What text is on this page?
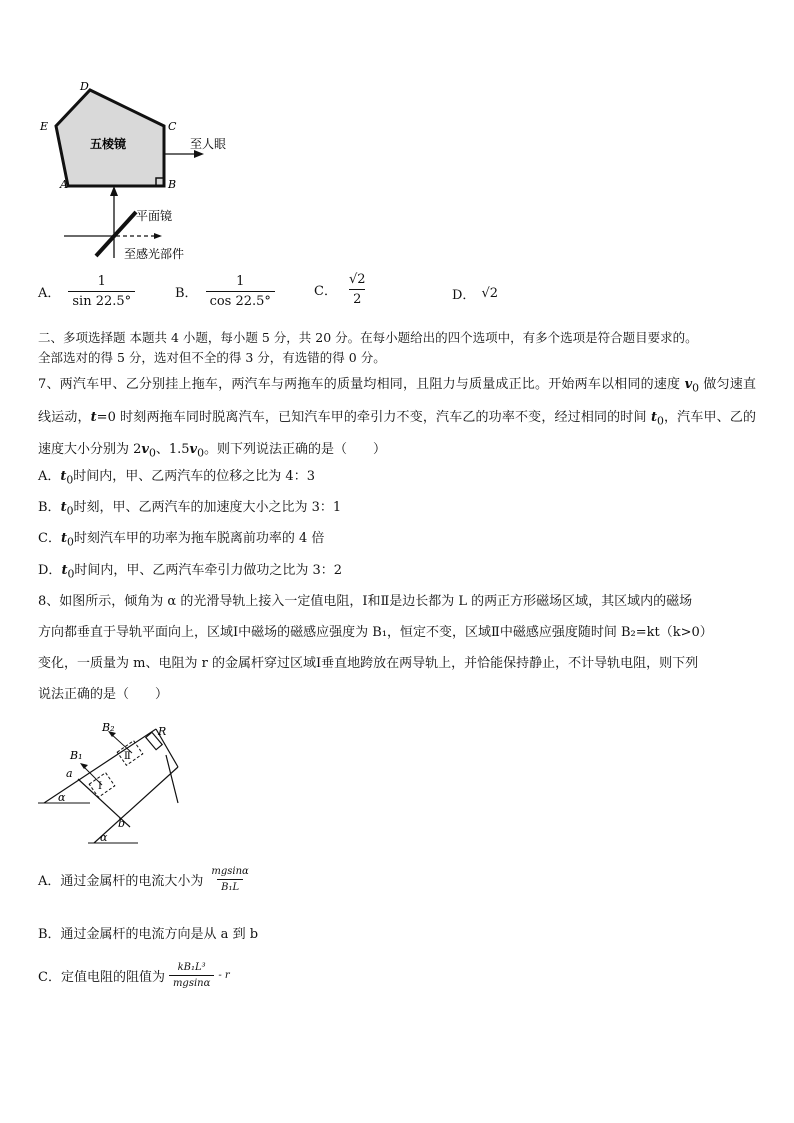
五棱镜	至人眼
平面镜
至感光部件
A	B
C
D
E
A． $\frac{1}{\sin 22.5^\circ}$	B． $\frac{1}{\cos 22.5^\circ}$	C． $\frac{√2}{2}$	D． √2
二、多项选择题 本题共 4 小题，每小题 5 分，共 20 分。在每小题给出的四个选项中，有多个选项是符合题目要求的。
全部选对的得 5 分，选对但不全的得 3 分，有选错的得 0 分。
7、两汽车甲、乙分别挂上拖车，两汽车与两拖车的质量均相同，且阻力与质量成正比。开始两车以相同的速度 $v_0$ 做匀速直线运动，t=0 时刻两拖车同时脱离汽车，已知汽车甲的牵引力不变，汽车乙的功率不变，经过相同的时间 $t_0$，汽车甲、乙的速度大小分别为 $2v_0$、$1.5v_0$。则下列说法正确的是（　　）
A．$t_0$时间内，甲、乙两汽车的位移之比为 4：3
B．$t_0$时刻，甲、乙两汽车的加速度大小之比为 3：1
C．$t_0$时刻汽车甲的功率为拖车脱离前功率的 4 倍
D．$t_0$时间内，甲、乙两汽车牵引力做功之比为 3：2
8、如图所示，倾角为 α 的光滑导轨上接入一定值电阻，Ⅰ和Ⅱ是边长都为 L 的两正方形磁场区域，其区域内的磁场
方向都垂直于导轨平面向上，区域Ⅰ中磁场的磁感应强度为 B₁，恒定不变，区域Ⅱ中磁感应强度随时间 B₂=kt（k>0）
变化，一质量为 m、电阻为 r 的金属杆穿过区域Ⅰ垂直地跨放在两导轨上，并恰能保持静止，不计导轨电阻，则下列
说法正确的是（　　）
B₂
B₁
R
Ⅱ
Ⅰ
a
b
α
α
A．通过金属杆的电流大小为 $\frac{mgsin\alpha}{\text{B₁L}}$
B．通过金属杆的电流方向是从 a 到 b
C．定值电阻的阻值为 $\frac{\text{kB₁L³}}{mgsin\alpha}$ - r
